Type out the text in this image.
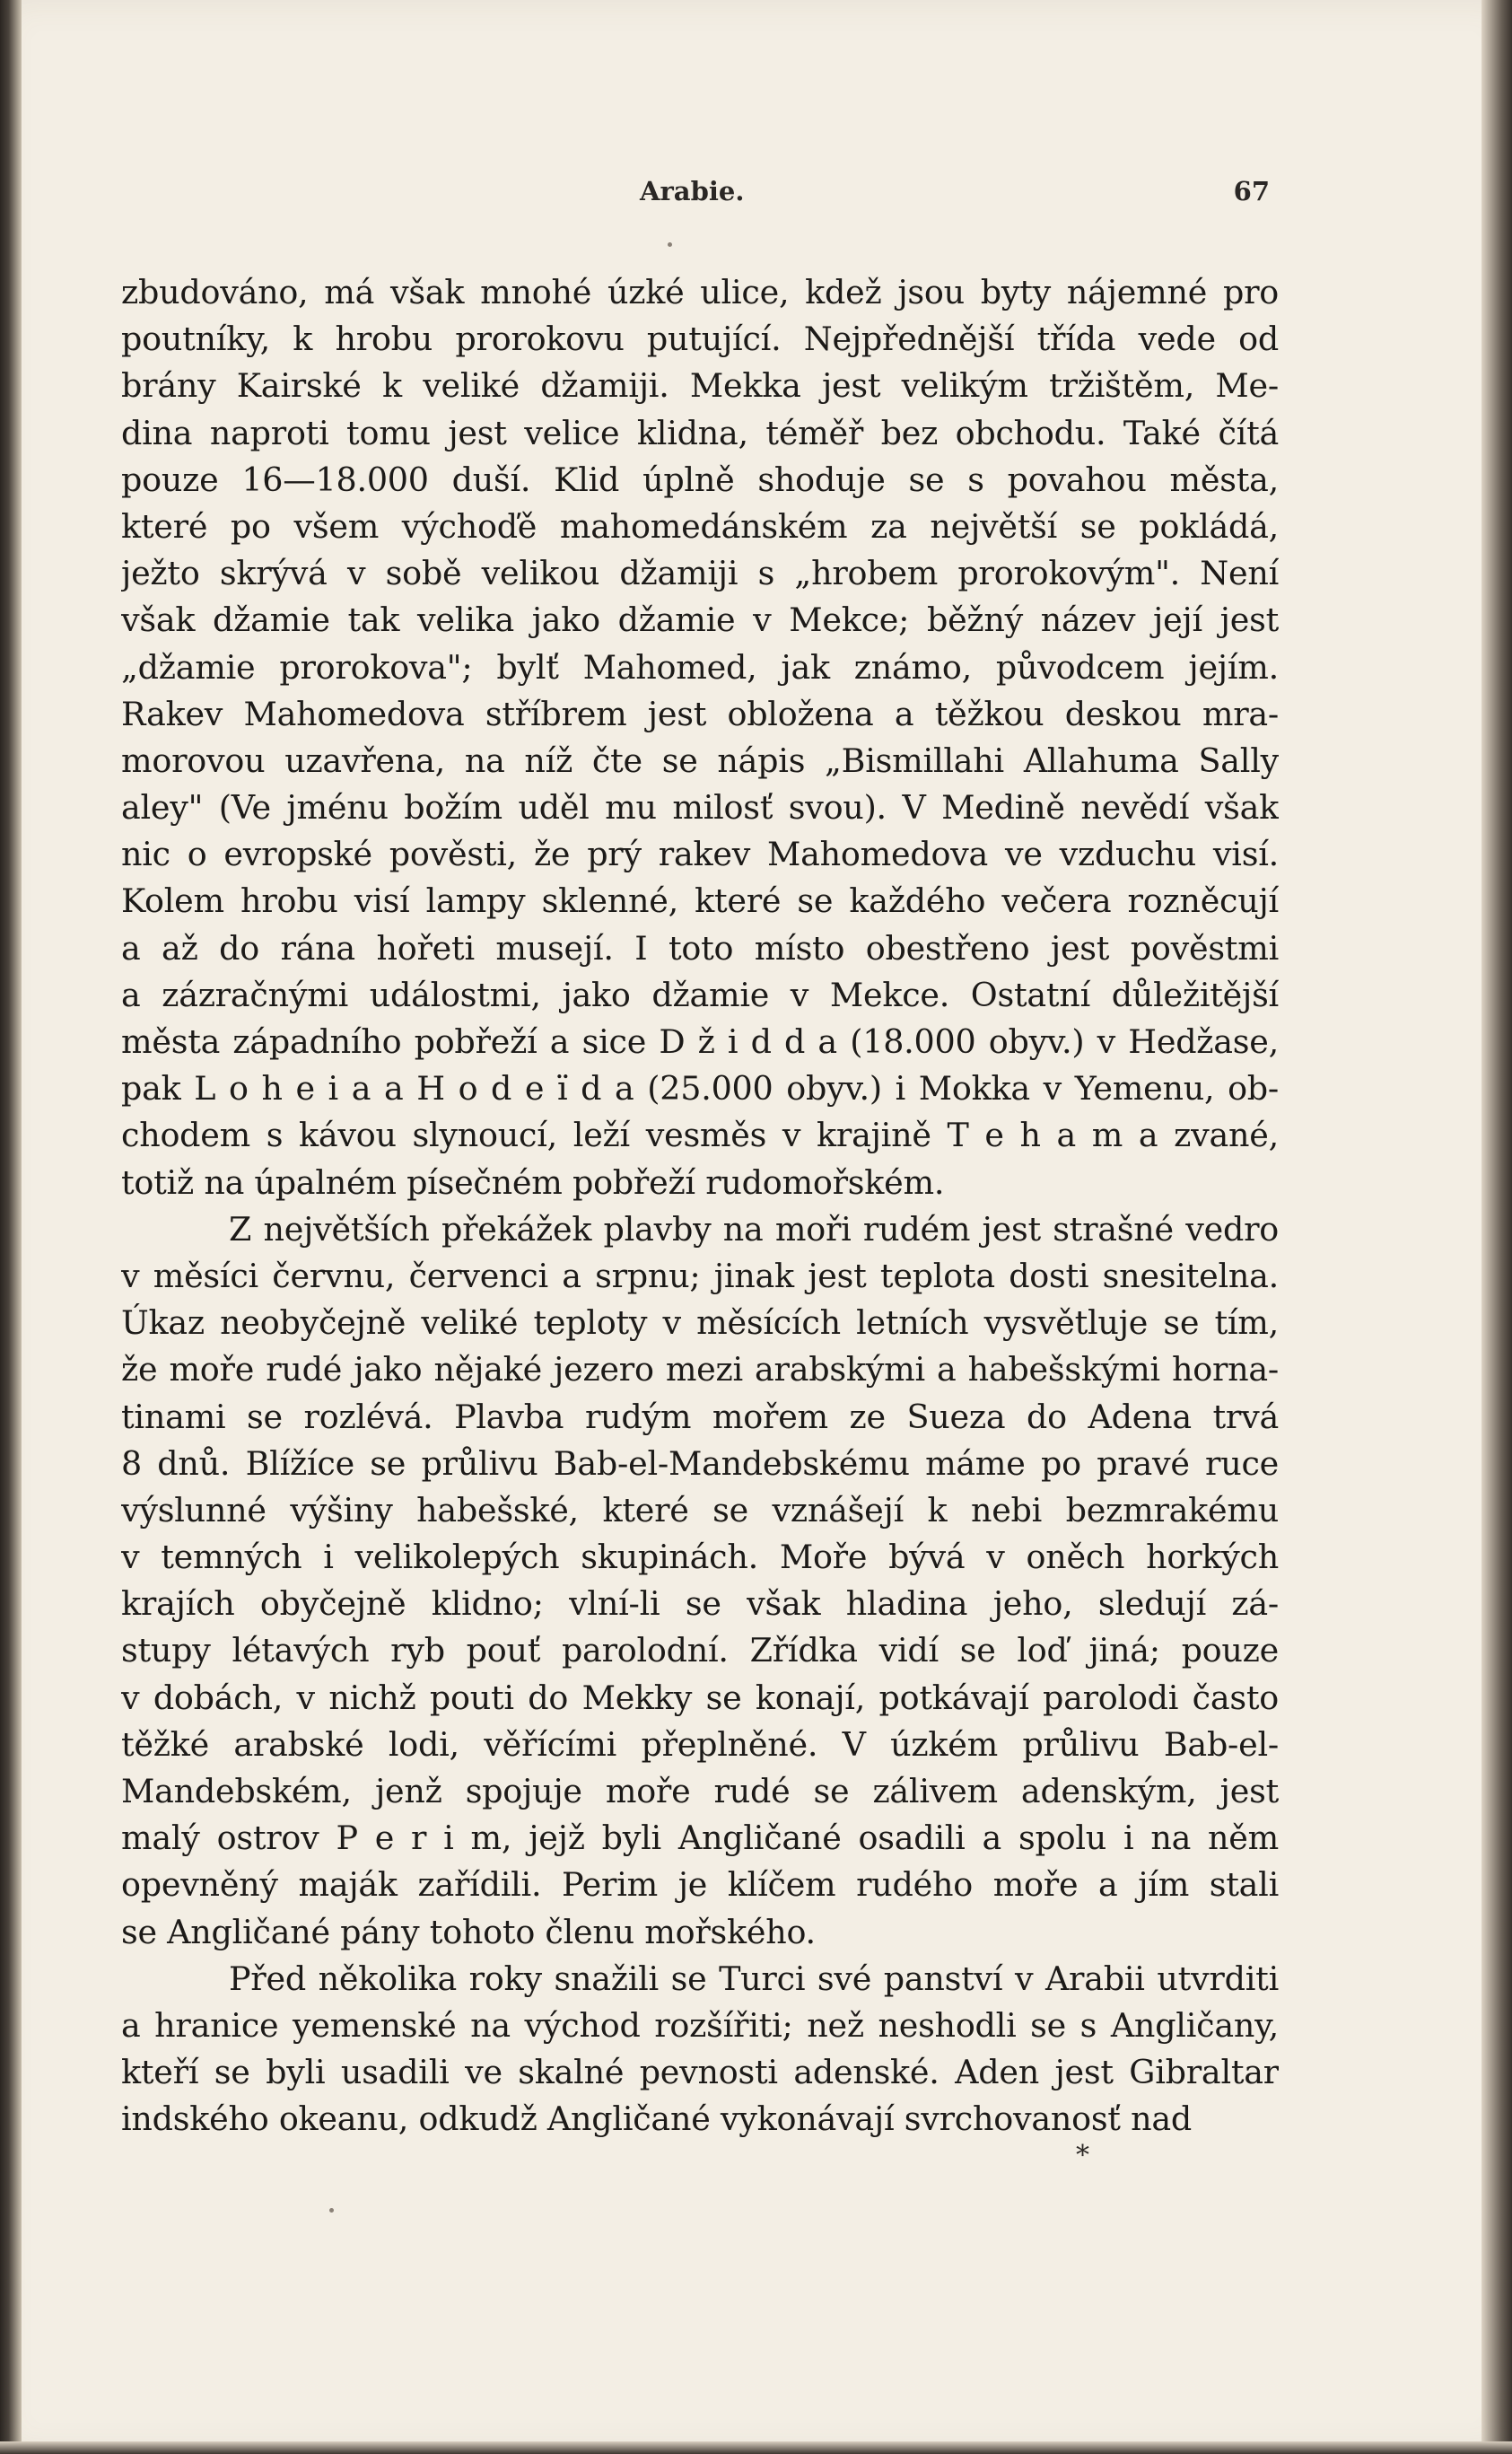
Arabie.	67
zbudováno, má však mnohé úzké ulice, kdež jsou byty nájemné pro
poutníky, k hrobu prorokovu putující. Nejpřednější třída vede od
brány Kairské k veliké džamiji. Mekka jest velikým tržištěm, Me-
dina naproti tomu jest velice klidna, téměř bez obchodu. Také čítá
pouze 16—18.000 duší. Klid úplně shoduje se s povahou města,
které po všem výchoďě mahomedánském za největší se pokládá,
ježto skrývá v sobě velikou džamiji s „hrobem prorokovým". Není
však džamie tak velika jako džamie v Mekce; běžný název její jest
„džamie prorokova"; bylť Mahomed, jak známo, původcem jejím.
Rakev Mahomedova stříbrem jest obložena a těžkou deskou mra-
morovou uzavřena, na níž čte se nápis „Bismillahi Allahuma Sally
aley" (Ve jménu božím uděl mu milosť svou). V Medině nevědí však
nic o evropské pověsti, že prý rakev Mahomedova ve vzduchu visí.
Kolem hrobu visí lampy sklenné, které se každého večera rozněcují
a až do rána hořeti musejí. I toto místo obestřeno jest pověstmi
a zázračnými událostmi, jako džamie v Mekce. Ostatní důležitější
města západního pobřeží a sice D ž i d d a (18.000 obyv.) v Hedžase,
pak L o h e i a a H o d e ï d a (25.000 obyv.) i Mokka v Yemenu, ob-
chodem s kávou slynoucí, leží vesměs v krajině T e h a m a zvané,
totiž na úpalném písečném pobřeží rudomořském.
Z největších překážek plavby na moři rudém jest strašné vedro
v měsíci červnu, červenci a srpnu; jinak jest teplota dosti snesitelna.
Úkaz neobyčejně veliké teploty v měsících letních vysvětluje se tím,
že moře rudé jako nějaké jezero mezi arabskými a habešskými horna-
tinami se rozlévá. Plavba rudým mořem ze Sueza do Adena trvá
8 dnů. Blížíce se průlivu Bab-el-Mandebskému máme po pravé ruce
výslunné výšiny habešské, které se vznášejí k nebi bezmrakému
v temných i velikolepých skupinách. Moře bývá v oněch horkých
krajích obyčejně klidno; vlní-li se však hladina jeho, sledují zá-
stupy létavých ryb pouť parolodní. Zřídka vidí se loď jiná; pouze
v dobách, v nichž pouti do Mekky se konají, potkávají parolodi často
těžké arabské lodi, věřícími přeplněné. V úzkém průlivu Bab-el-
Mandebském, jenž spojuje moře rudé se zálivem adenským, jest
malý ostrov P e r i m, jejž byli Angličané osadili a spolu i na něm
opevněný maják zařídili. Perim je klíčem rudého moře a jím stali
se Angličané pány tohoto členu mořského.
Před několika roky snažili se Turci své panství v Arabii utvrditi
a hranice yemenské na východ rozšířiti; než neshodli se s Angličany,
kteří se byli usadili ve skalné pevnosti adenské. Aden jest Gibraltar
indského okeanu, odkudž Angličané vykonávají svrchovanosť nad
*
